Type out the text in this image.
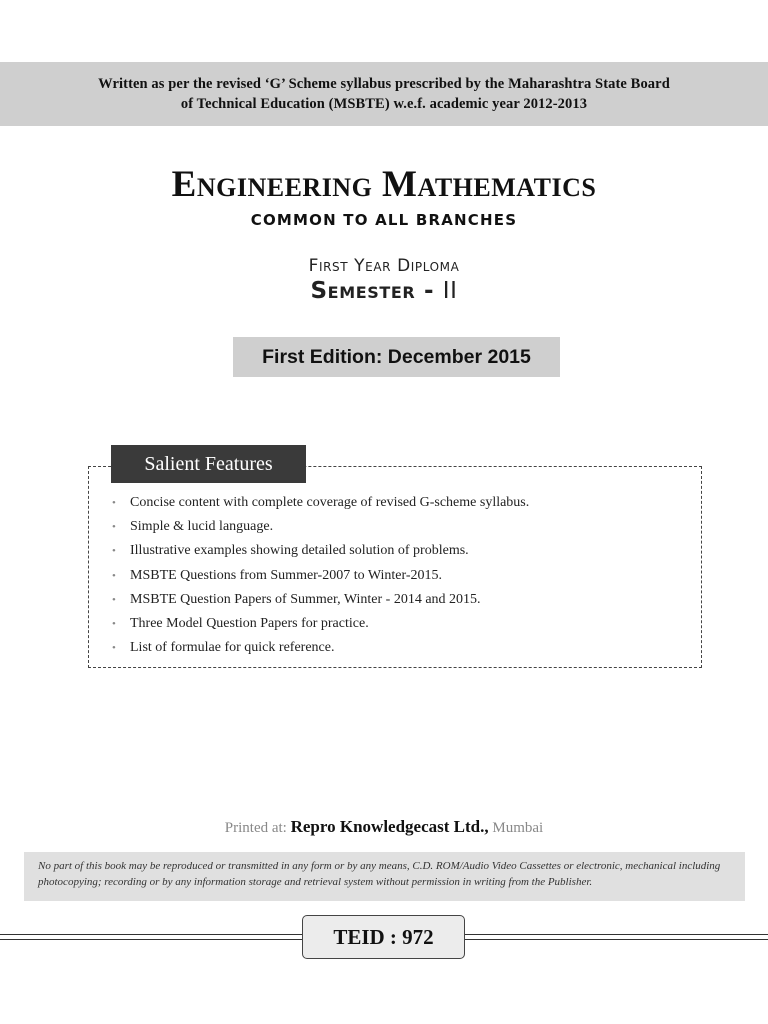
Written as per the revised ‘G’ Scheme syllabus prescribed by the Maharashtra State Board
of Technical Education (MSBTE) w.e.f. academic year 2012-2013
Engineering Mathematics
COMMON TO ALL BRANCHES
First Year Diploma
Semester - II
First Edition: December 2015
Salient Features
• Concise content with complete coverage of revised G-scheme syllabus.
• Simple & lucid language.
• Illustrative examples showing detailed solution of problems.
• MSBTE Questions from Summer-2007 to Winter-2015.
• MSBTE Question Papers of Summer, Winter - 2014 and 2015.
• Three Model Question Papers for practice.
• List of formulae for quick reference.
Printed at: Repro Knowledgecast Ltd., Mumbai
No part of this book may be reproduced or transmitted in any form or by any means, C.D. ROM/Audio Video Cassettes or electronic, mechanical including photocopying; recording or by any information storage and retrieval system without permission in writing from the Publisher.
TEID : 972
